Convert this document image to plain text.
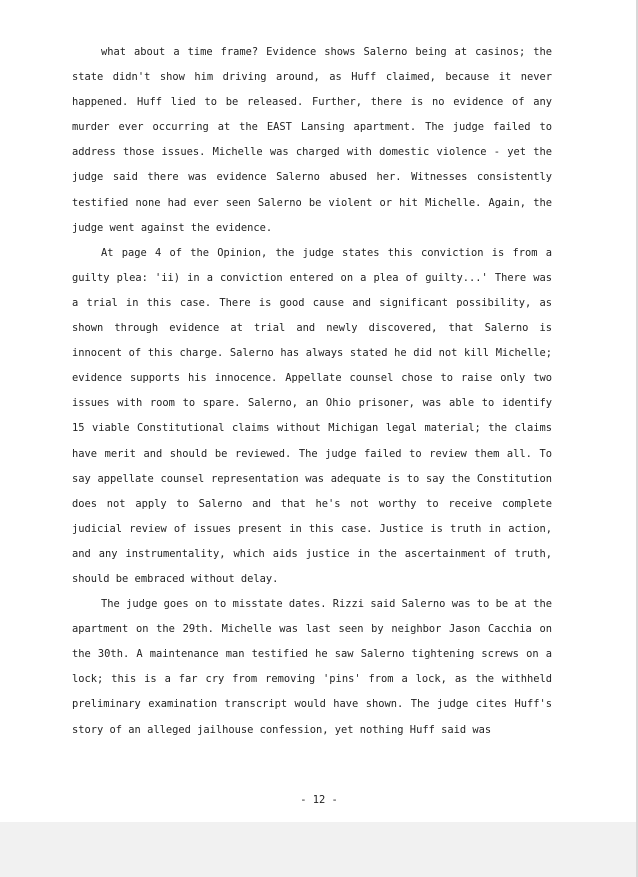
what about a time frame? Evidence shows Salerno being at casinos; the state didn't show him driving around, as Huff claimed, because it never happened. Huff lied to be released. Further, there is no evidence of any murder ever occurring at the EAST Lansing apartment. The judge failed to address those issues. Michelle was charged with domestic violence - yet the judge said there was evidence Salerno abused her. Witnesses consistently testified none had ever seen Salerno be violent or hit Michelle. Again, the judge went against the evidence.

At page 4 of the Opinion, the judge states this conviction is from a guilty plea: 'ii) in a conviction entered on a plea of guilty...' There was a trial in this case. There is good cause and significant possibility, as shown through evidence at trial and newly discovered, that Salerno is innocent of this charge. Salerno has always stated he did not kill Michelle; evidence supports his innocence. Appellate counsel chose to raise only two issues with room to spare. Salerno, an Ohio prisoner, was able to identify 15 viable Constitutional claims without Michigan legal material; the claims have merit and should be reviewed. The judge failed to review them all. To say appellate counsel representation was adequate is to say the Constitution does not apply to Salerno and that he's not worthy to receive complete judicial review of issues present in this case. Justice is truth in action, and any instrumentality, which aids justice in the ascertainment of truth, should be embraced without delay.

The judge goes on to misstate dates. Rizzi said Salerno was to be at the apartment on the 29th. Michelle was last seen by neighbor Jason Cacchia on the 30th. A maintenance man testified he saw Salerno tightening screws on a lock; this is a far cry from removing 'pins' from a lock, as the withheld preliminary examination transcript would have shown. The judge cites Huff's story of an alleged jailhouse confession, yet nothing Huff said was

- 12 -
